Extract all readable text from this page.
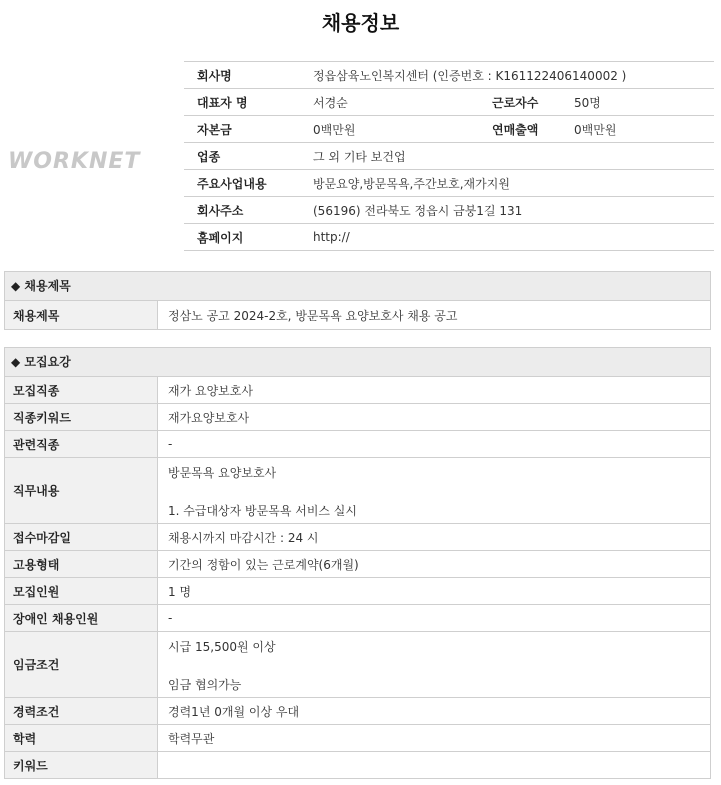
채용정보
WORKNET
회사명	정읍삼육노인복지센터 (인증번호 : K161122406140002 )
대표자 명	서경순	근로자수	50명
자본금	0백만원	연매출액	0백만원
업종	그 외 기타 보건업
주요사업내용	방문요양,방문목욕,주간보호,재가지원
회사주소	(56196) 전라북도 정읍시 금붕1길 131
홈페이지	http://
◆ 채용제목
채용제목	정삼노 공고 2024-2호, 방문목욕 요양보호사 채용 공고
◆ 모집요강
모집직종	재가 요양보호사
직종키워드	재가요양보호사
관련직종	-
직무내용
방문목욕 요양보호사
1. 수급대상자 방문목욕 서비스 실시
접수마감일	채용시까지 마감시간 : 24 시
고용형태	기간의 정함이 있는 근로계약(6개월)
모집인원	1 명
장애인 채용인원	-
임금조건
시급 15,500원 이상
임금 협의가능
경력조건	경력1년 0개월 이상 우대
학력	학력무관
키워드
